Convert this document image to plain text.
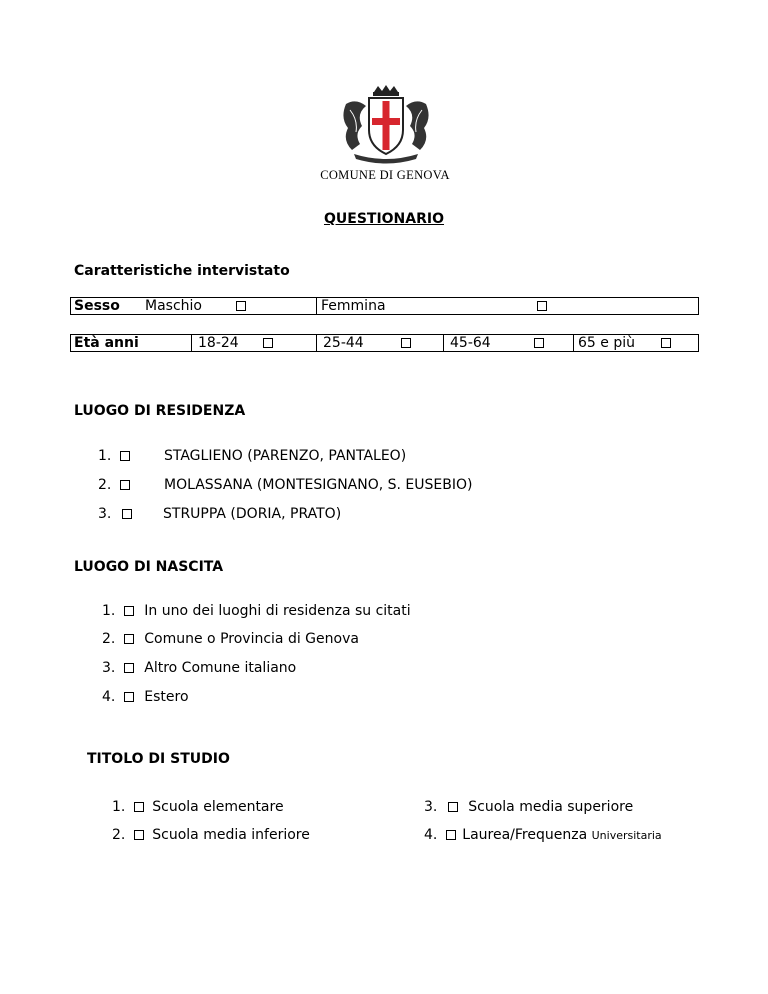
COMUNE DI GENOVA
QUESTIONARIO
Caratteristiche intervistato
Sesso Maschio	Femmina
Età anni	18-24	25-44	45-64	65 e più
LUOGO DI RESIDENZA
1.	STAGLIENO (PARENZO, PANTALEO)
2.	MOLASSANA (MONTESIGNANO, S. EUSEBIO)
3.	STRUPPA (DORIA, PRATO)
LUOGO DI NASCITA
1. In uno dei luoghi di residenza su citati
2. Comune o Provincia di Genova
3. Altro Comune italiano
4. Estero
TITOLO DI STUDIO
1. Scuola elementare
2. Scuola media inferiore
3. Scuola media superiore
4. Laurea/Frequenza Universitaria
